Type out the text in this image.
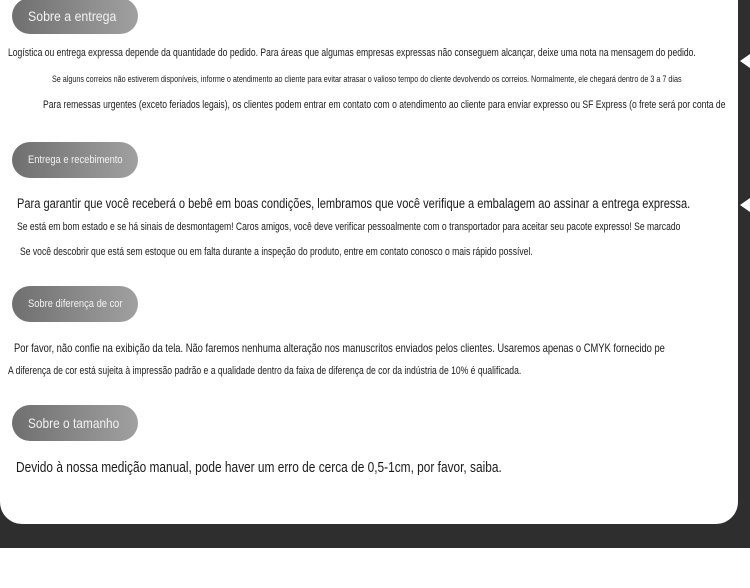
Sobre a entrega
Logística ou entrega expressa depende da quantidade do pedido. Para áreas que algumas empresas expressas não conseguem alcançar, deixe uma nota na mensagem do pedido.
Se alguns correios não estiverem disponíveis, informe o atendimento ao cliente para evitar atrasar o valioso tempo do cliente devolvendo os correios. Normalmente, ele chegará dentro de 3 a 7 dias
Para remessas urgentes (exceto feriados legais), os clientes podem entrar em contato com o atendimento ao cliente para enviar expresso ou SF Express (o frete será por conta de
Entrega e recebimento
Para garantir que você receberá o bebê em boas condições, lembramos que você verifique a embalagem ao assinar a entrega expressa.
Se está em bom estado e se há sinais de desmontagem! Caros amigos, você deve verificar pessoalmente com o transportador para aceitar seu pacote expresso! Se marcado
Se você descobrir que está sem estoque ou em falta durante a inspeção do produto, entre em contato conosco o mais rápido possível.
Sobre diferença de cor
Por favor, não confie na exibição da tela. Não faremos nenhuma alteração nos manuscritos enviados pelos clientes. Usaremos apenas o CMYK fornecido pe
A diferença de cor está sujeita à impressão padrão e a qualidade dentro da faixa de diferença de cor da indústria de 10% é qualificada.
Sobre o tamanho
Devido à nossa medição manual, pode haver um erro de cerca de 0,5-1cm, por favor, saiba.
